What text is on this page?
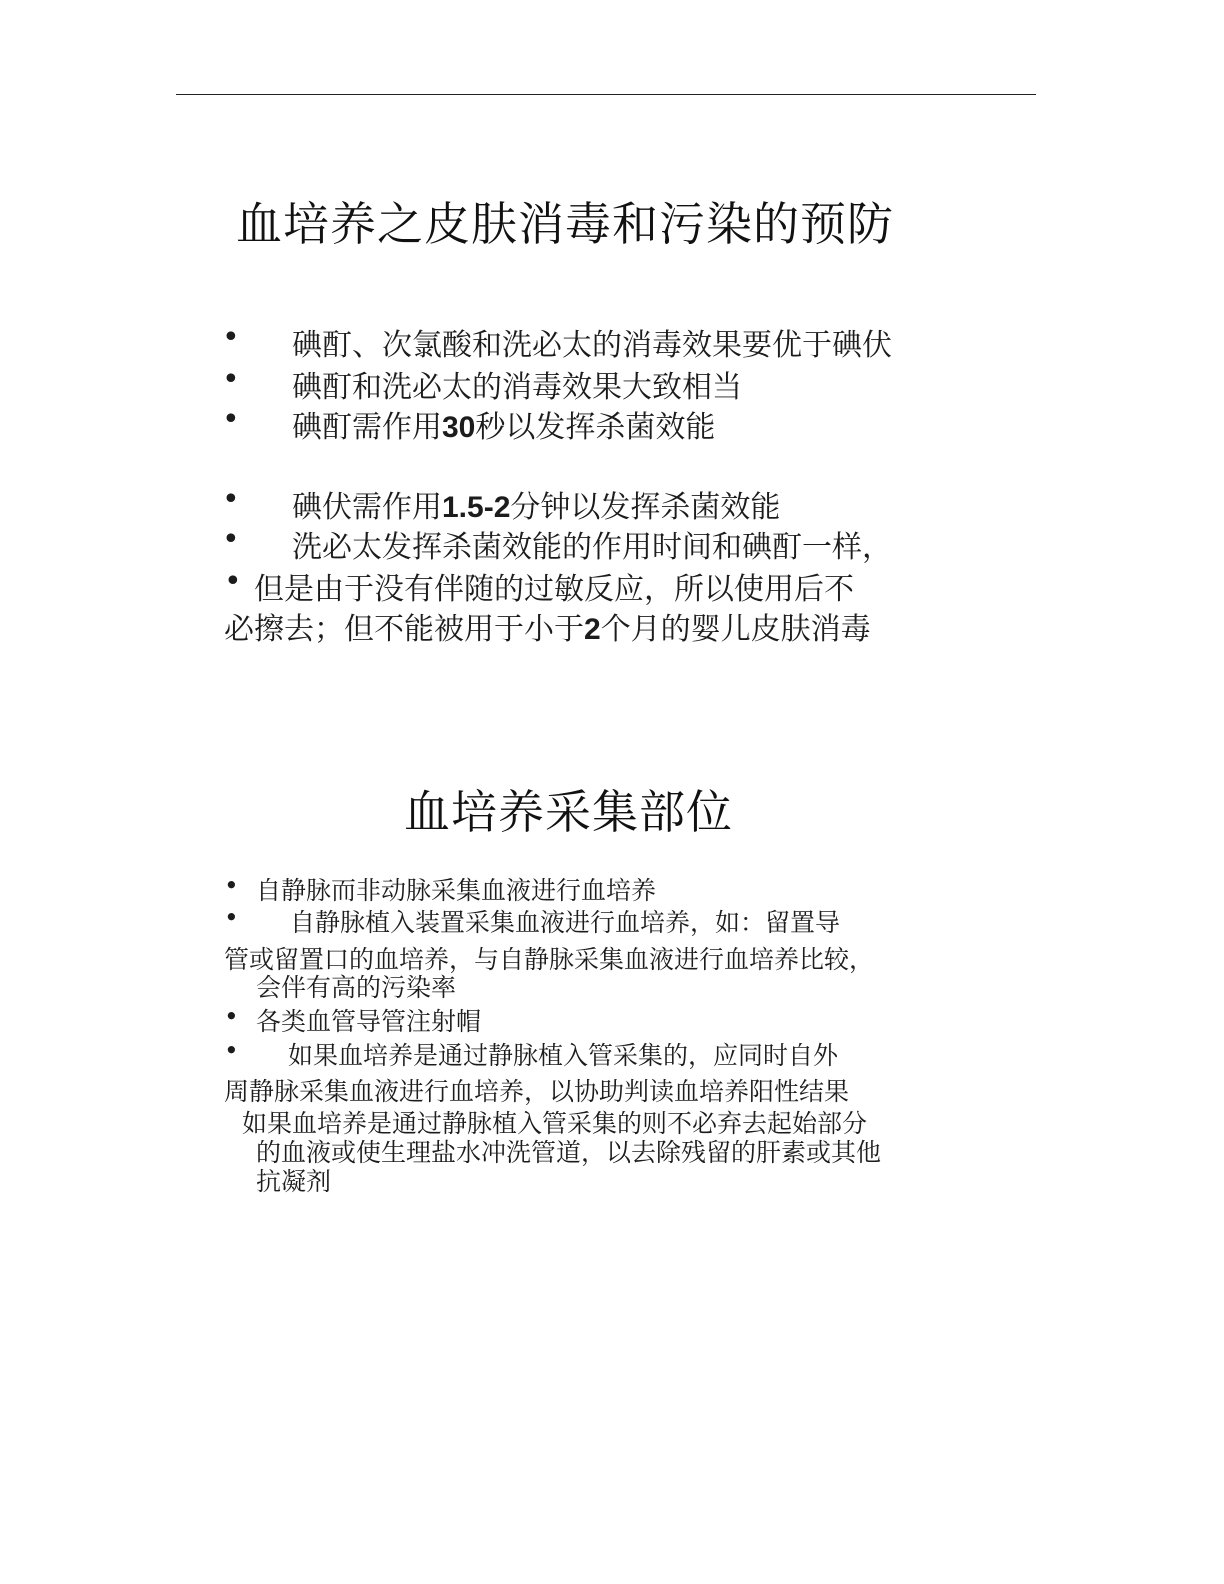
血培养之皮肤消毒和污染的预防
• 碘酊、次氯酸和洗必太的消毒效果要优于碘伏
• 碘酊和洗必太的消毒效果大致相当
• 碘酊需作用30秒以发挥杀菌效能
• 碘伏需作用1.5-2分钟以发挥杀菌效能
• 洗必太发挥杀菌效能的作用时间和碘酊一样，
• 但是由于没有伴随的过敏反应，所以使用后不
必擦去；但不能被用于小于2个月的婴儿皮肤消毒
血培养采集部位
• 自静脉而非动脉采集血液进行血培养
• 自静脉植入装置采集血液进行血培养，如：留置导
管或留置口的血培养，与自静脉采集血液进行血培养比较，
会伴有高的污染率
• 各类血管导管注射帽
• 如果血培养是通过静脉植入管采集的，应同时自外
周静脉采集血液进行血培养，以协助判读血培养阳性结果
如果血培养是通过静脉植入管采集的则不必弃去起始部分
的血液或使生理盐水冲洗管道，以去除残留的肝素或其他
抗凝剂
